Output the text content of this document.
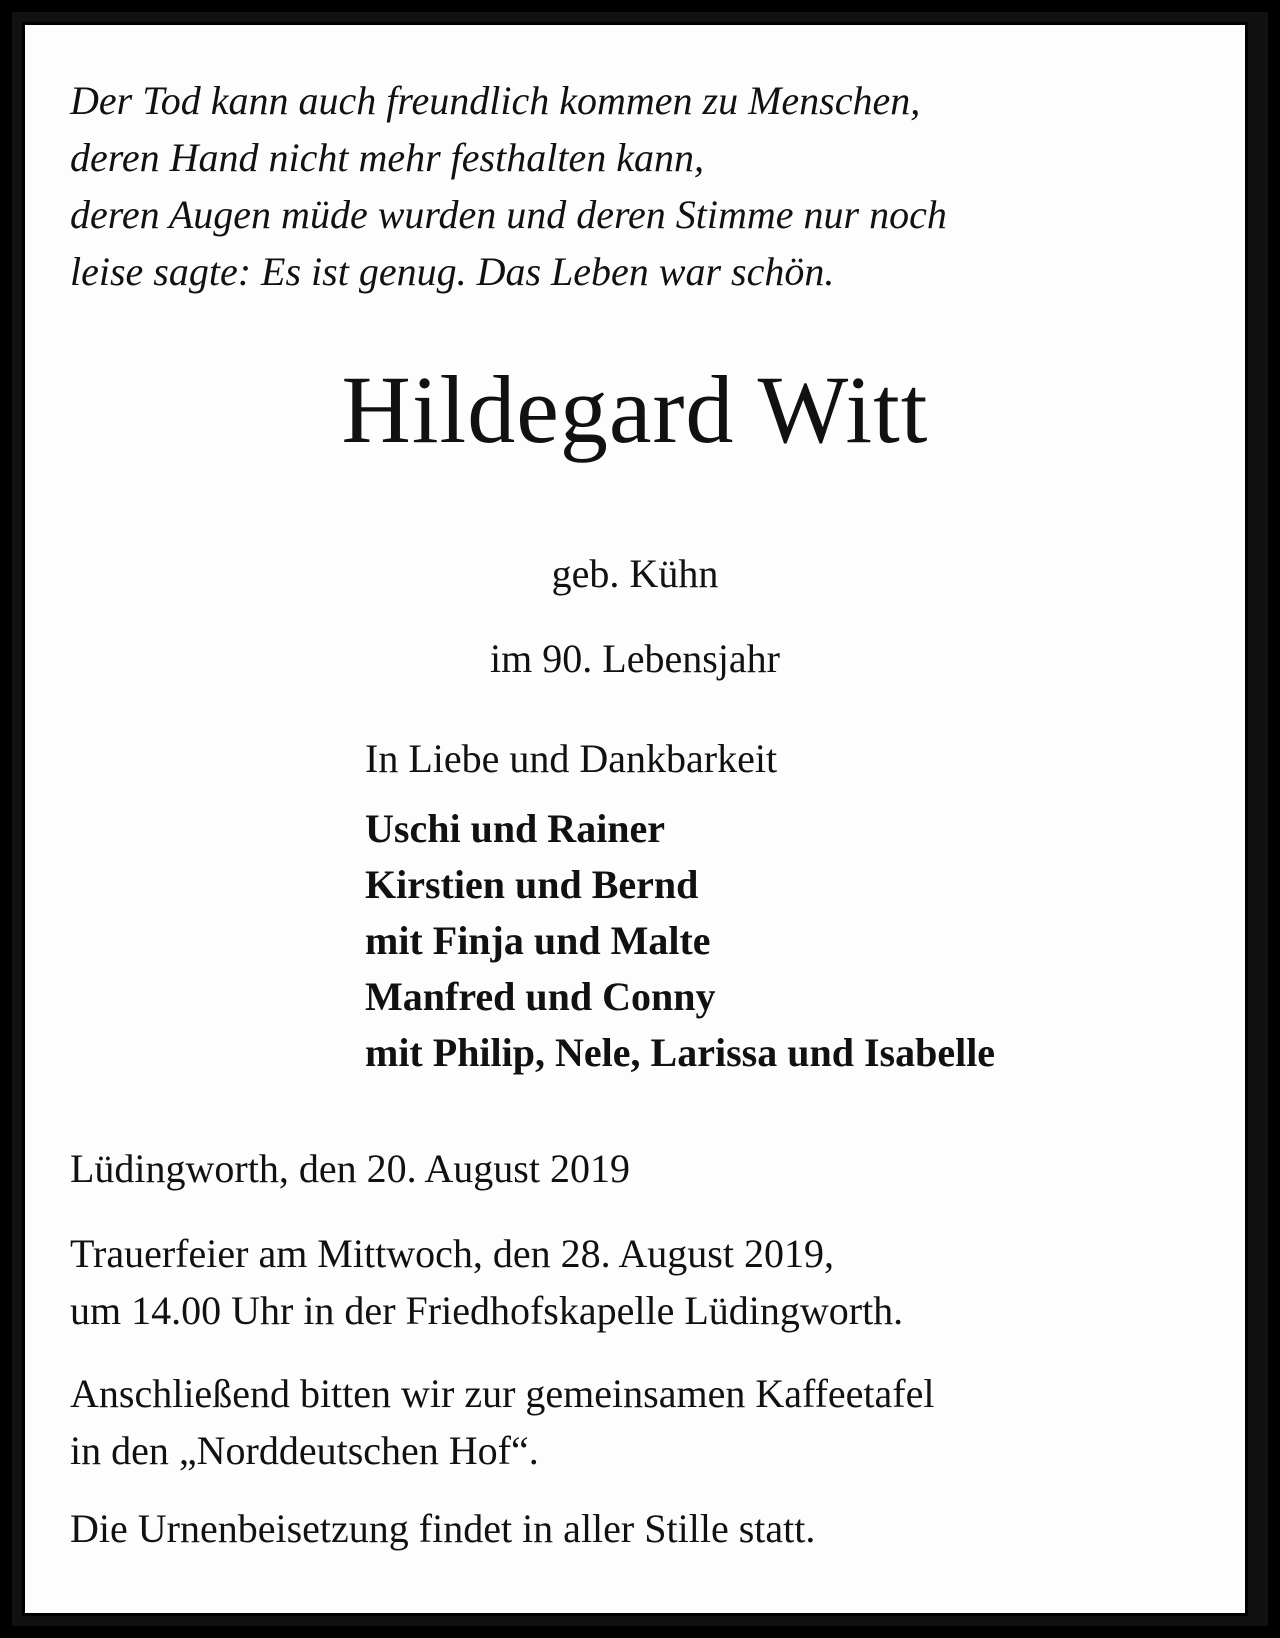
Der Tod kann auch freundlich kommen zu Menschen,
deren Hand nicht mehr festhalten kann,
deren Augen müde wurden und deren Stimme nur noch
leise sagte: Es ist genug. Das Leben war schön.
Hildegard Witt
geb. Kühn
im 90. Lebensjahr
In Liebe und Dankbarkeit
Uschi und Rainer
Kirstien und Bernd
mit Finja und Malte
Manfred und Conny
mit Philip, Nele, Larissa und Isabelle
Lüdingworth, den 20. August 2019
Trauerfeier am Mittwoch, den 28. August 2019,
um 14.00 Uhr in der Friedhofskapelle Lüdingworth.
Anschließend bitten wir zur gemeinsamen Kaffeetafel
in den „Norddeutschen Hof“.
Die Urnenbeisetzung findet in aller Stille statt.
